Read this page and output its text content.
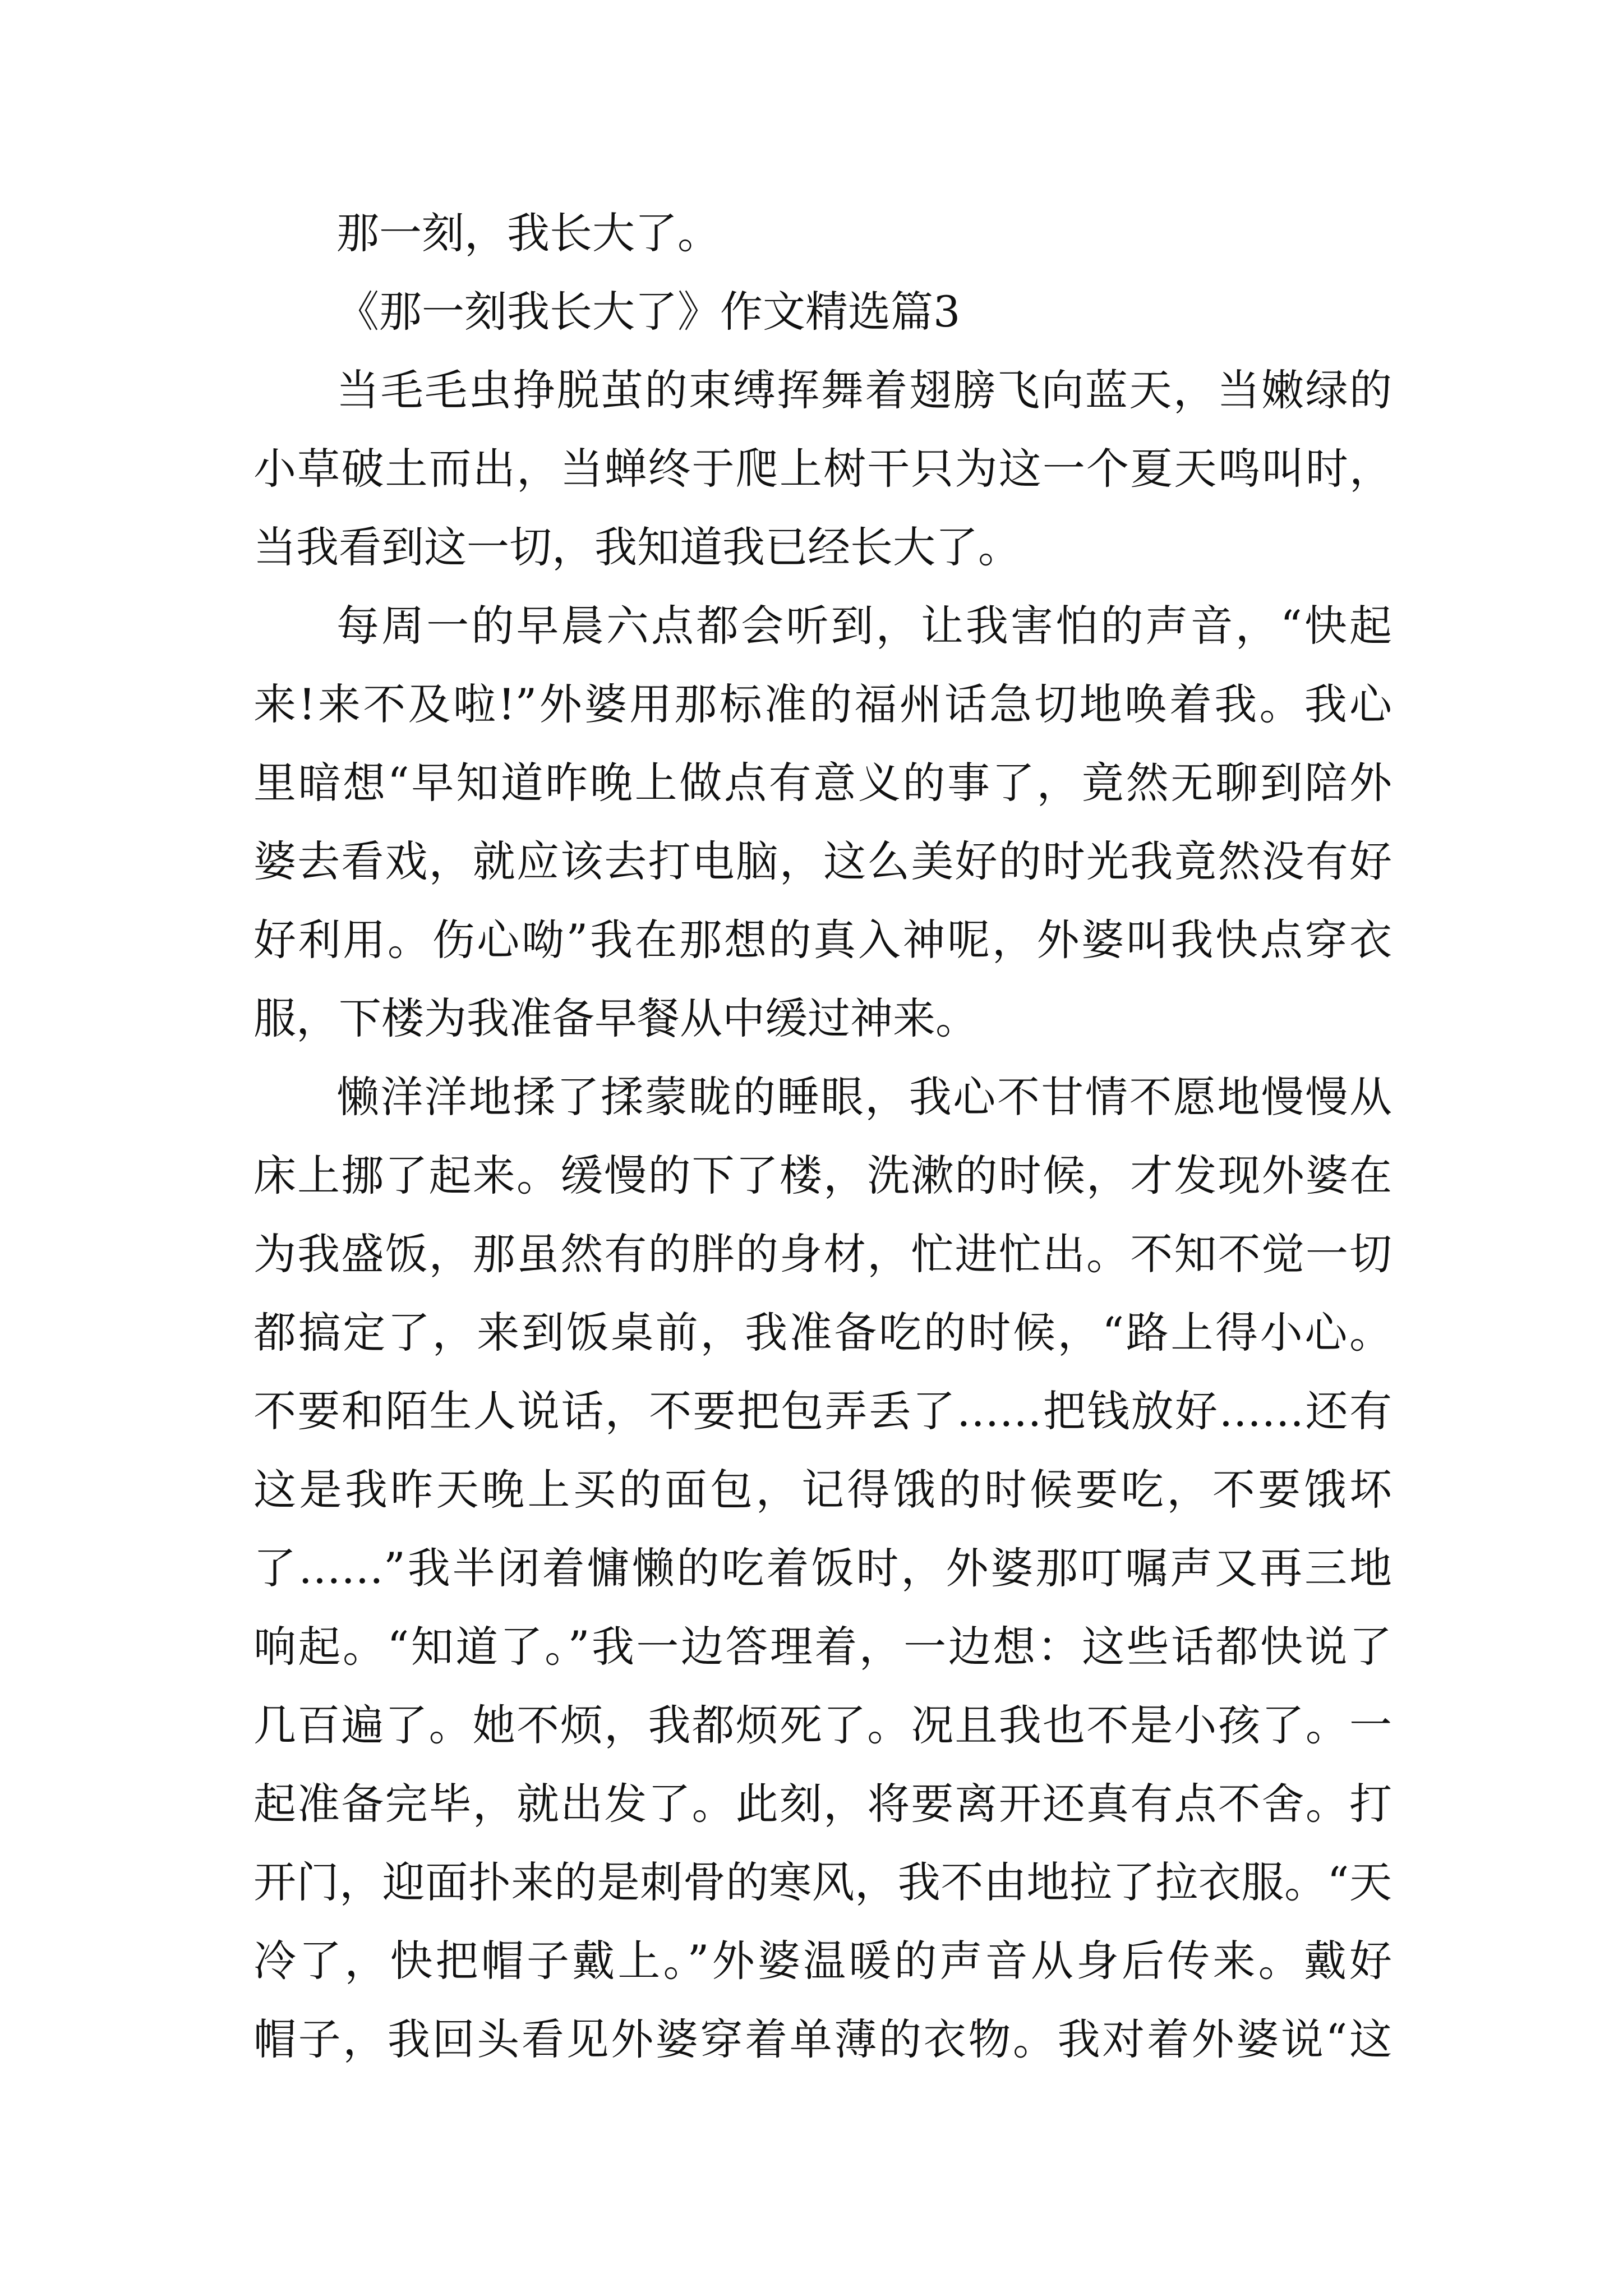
那一刻，我长大了。

《那一刻我长大了》作文精选篇3

当毛毛虫挣脱茧的束缚挥舞着翅膀飞向蓝天，当嫩绿的

小草破土而出，当蝉终于爬上树干只为这一个夏天鸣叫时，

当我看到这一切，我知道我已经长大了。

每周一的早晨六点都会听到，让我害怕的声音，“快起

来!来不及啦!”外婆用那标准的福州话急切地唤着我。我心

里暗想“早知道昨晚上做点有意义的事了，竟然无聊到陪外

婆去看戏，就应该去打电脑，这么美好的时光我竟然没有好

好利用。伤心呦”我在那想的真入神呢，外婆叫我快点穿衣

服，下楼为我准备早餐从中缓过神来。

懒洋洋地揉了揉蒙眬的睡眼，我心不甘情不愿地慢慢从

床上挪了起来。缓慢的下了楼，洗漱的时候，才发现外婆在

为我盛饭，那虽然有的胖的身材，忙进忙出。不知不觉一切

都搞定了，来到饭桌前，我准备吃的时候，“路上得小心。

不要和陌生人说话，不要把包弄丢了……把钱放好……还有

这是我昨天晚上买的面包，记得饿的时候要吃，不要饿坏

了……”我半闭着慵懒的吃着饭时，外婆那叮嘱声又再三地

响起。“知道了。”我一边答理着，一边想：这些话都快说了

几百遍了。她不烦，我都烦死了。况且我也不是小孩了。一

起准备完毕，就出发了。此刻，将要离开还真有点不舍。打

开门，迎面扑来的是刺骨的寒风，我不由地拉了拉衣服。“天

冷了，快把帽子戴上。”外婆温暖的声音从身后传来。戴好

帽子，我回头看见外婆穿着单薄的衣物。我对着外婆说“这
